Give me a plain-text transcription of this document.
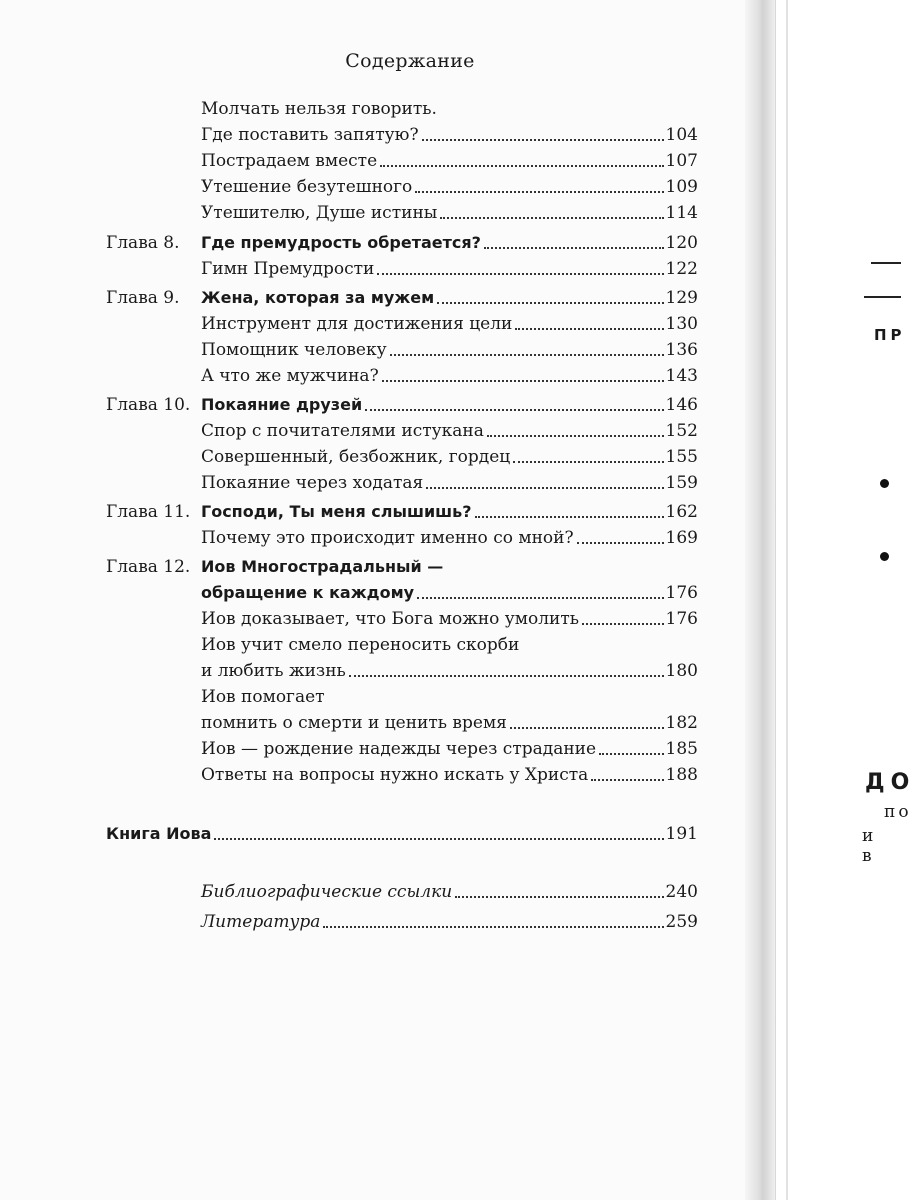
Содержание
Молчать нельзя говорить.
Где поставить запятую?	104
Пострадаем вместе	107
Утешение безутешного	109
Утешителю, Душе истины	114
Глава 8.	Где премудрость обретается?	120
Гимн Премудрости	122
Глава 9.	Жена, которая за мужем	129
Инструмент для достижения цели	130
Помощник человеку	136
А что же мужчина?	143
Глава 10. Покаяние друзей	146
Спор с почитателями истукана	152
Совершенный, безбожник, гордец	155
Покаяние через ходатая	159
Глава 11. Господи, Ты меня слышишь?	162
Почему это происходит именно со мной?	169
Глава 12. Иов Многострадальный —
обращение к каждому	176
Иов доказывает, что Бога можно умолить	176
Иов учит смело переносить скорби
и любить жизнь	180
Иов помогает
помнить о смерти и ценить время	182
Иов — рождение надежды через страдание	185
Ответы на вопросы нужно искать у Христа	188
Книга Иова	191
Библиографические ссылки	240
Литература	259
ПР
ДО
по
и в
